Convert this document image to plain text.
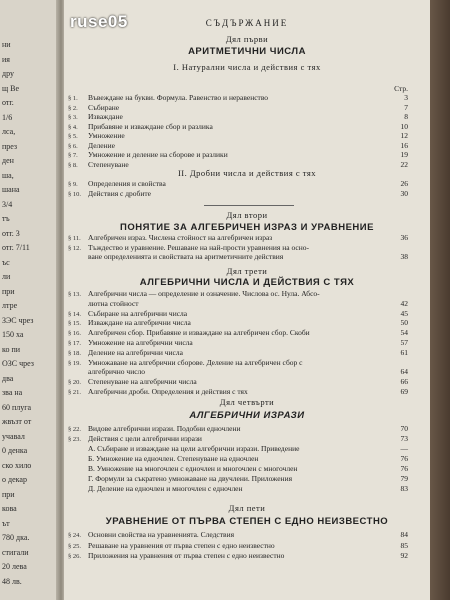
ни
ия
дру
щ Ве
отг.
1/6
лса,
през
ден
ша,
шана
3/4
тъ
отг. 3
отг. 7/11
ъс
ли
при
лтре
ЗЭС чрез
150 ха
ко пи
ОЗС чрез
два
зва на
60 плуга
жвъзт от
учавал
0 денка
ско хило
о декар
при
кова
ът
780 дка.
стигали
20 лева
48 лв.
ruse05	СЪДЪРЖАНИЕ
Дял първи
АРИТМЕТИЧНИ ЧИСЛА
I. Натурални числа и действия с тях
Стр.
§ 1. Въвеждане на букви. Формула. Равенство и неравенство	3
§ 2. Събиране	7
§ 3. Изваждане	8
§ 4. Прибавяне и изваждане сбор и разлика	10
§ 5. Умножение	12
§ 6. Деление	16
§ 7. Умножение и деление на сборове и разлики	19
§ 8. Степенуване	22
II. Дробни числа и действия с тях
§ 9. Определения и свойства	26
§ 10. Действия с дробите	30
Дял втори
ПОНЯТИЕ ЗА АЛГЕБРИЧЕН ИЗРАЗ И УРАВНЕНИЕ
§ 11. Алгебричен израз. Числена стойност на алгебричен израз	36
§ 12. Тъждество и уравнение. Решаване на най-прости уравнения на осно-
ване определенията и свойствата на аритметичните действия	38
Дял трети
АЛГЕБРИЧНИ ЧИСЛА И ДЕЙСТВИЯ С ТЯХ
§ 13. Алгебрични числа — определение и означение. Числова ос. Нула. Абсо-
лютна стойност	42
§ 14. Събиране на алгебрични числа	45
§ 15. Изваждане на алгебрични числа	50
§ 16. Алгебричен сбор. Прибавяне и изваждане на алгебричен сбор. Скоби	54
§ 17. Умножение на алгебрични числа	57
§ 18. Деление на алгебрични числа	61
§ 19. Умножаване на алгебрични сборове. Деление на алгебричен сбор с
алгебрично число	64
§ 20. Степенуване на алгебрични числа	66
§ 21. Алгебрични дроби. Определения и действия с тях	69
Дял четвърти
АЛГЕБРИЧНИ ИЗРАЗИ
§ 22. Видове алгебрични изрази. Подобни едночлени	70
§ 23. Действия с цели алгебрични изрази	73
А. Събиране и изваждане на цели алгебрични изрази. Приведение	—
Б. Умножение на едночлен. Степенуване на едночлен	76
В. Умножение на многочлен с едночлен и многочлен с многочлен	76
Г. Формули за съкратено умножаване на двучлени. Приложения	79
Д. Деление на едночлен и многочлен с едночлен	83
Дял пети
УРАВНЕНИЕ ОТ ПЪРВА СТЕПЕН С ЕДНО НЕИЗВЕСТНО
§ 24. Основни свойства на уравненията. Следствия	84
§ 25. Решаване на уравнения от първа степен с едно неизвестно	85
§ 26. Приложения на уравнения от първа степен с едно неизвестно	92
